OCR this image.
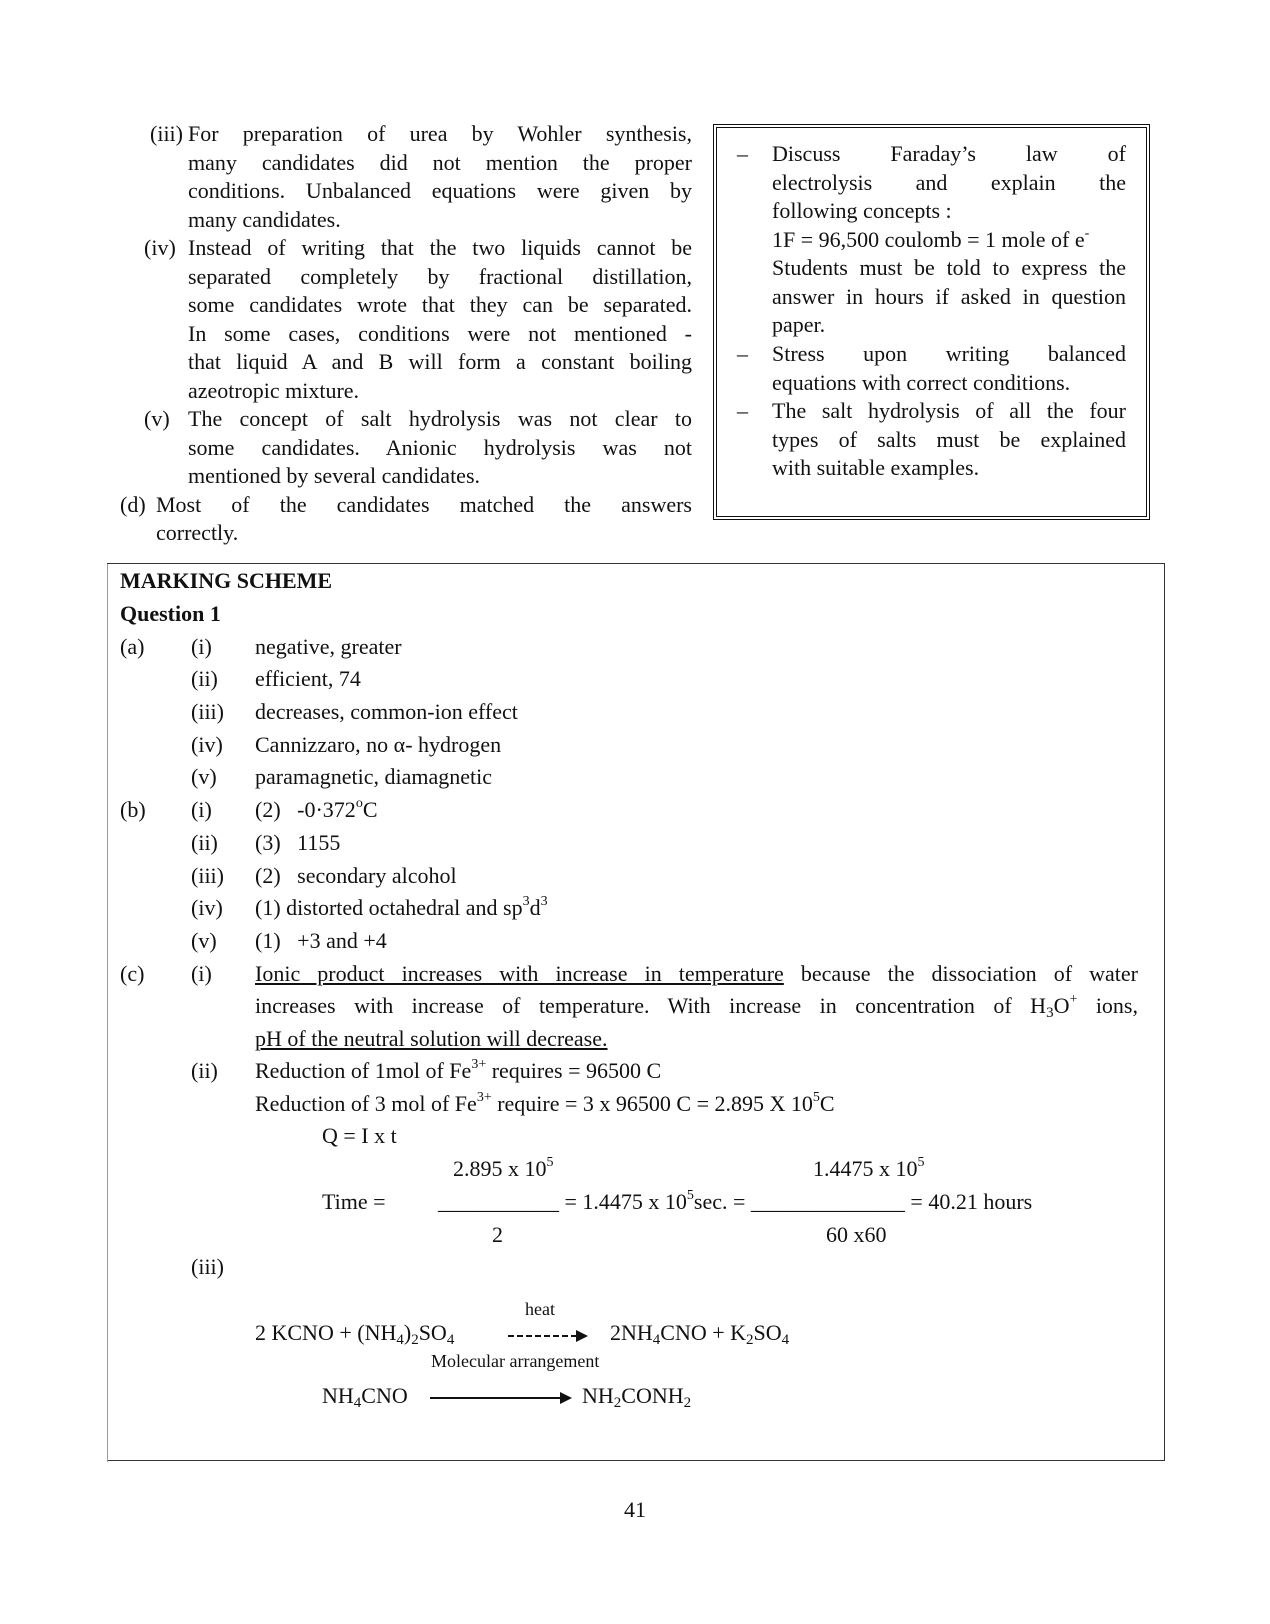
(iii) For preparation of urea by Wohler synthesis,
many candidates did not mention the proper
conditions. Unbalanced equations were given by
many candidates.
(iv) Instead of writing that the two liquids cannot be
separated completely by fractional distillation,
some candidates wrote that they can be separated.
In some cases, conditions were not mentioned -
that liquid A and B will form a constant boiling
azeotropic mixture.
(v) The concept of salt hydrolysis was not clear to
some candidates. Anionic hydrolysis was not
mentioned by several candidates.
(d) Most of the candidates matched the answers
correctly.
– Discuss Faraday’s law of
electrolysis and explain the
following concepts :
1F = 96,500 coulomb = 1 mole of e-
Students must be told to express the
answer in hours if asked in question
paper.
– Stress upon writing balanced
equations with correct conditions.
– The salt hydrolysis of all the four
types of salts must be explained
with suitable examples.
MARKING SCHEME
Question 1
(a) (i) negative, greater
(ii) efficient, 74
(iii) decreases, common-ion effect
(iv) Cannizzaro, no α- hydrogen
(v) paramagnetic, diamagnetic
(b) (i) (2) $-0\cdot 372^oC$
(ii) (3) 1155
(iii) (2) secondary alcohol
(iv) (1) distorted octahedral and $sp^3d^3$
(v) (1) +3 and +4
(c) (i) Ionic product increases with increase in temperature because the dissociation of water
increases with increase of temperature. With increase in concentration of $H_3O^+$ ions,
pH of the neutral solution will decrease.
(ii) Reduction of 1mol of $Fe^{3+}$ requires = 96500 C
Reduction of 3 mol of $Fe^{3+}$ require = 3 x 96500 C = 2.895 X $10^5C$
Q = I x t
2.895 x $10^5$	1.4475 x $10^5$
Time = ___________ = 1.4475 x $10^5\sec$. = ______________ = 40.21 hours
2	60 x60
(iii)
heat
2 KCNO + $(NH_4)_2SO_4 \to 2NH_4CNO + K_2SO_4$
Molecular arrangement
$NH_4CNO$	$NH_2CONH_2$
41
